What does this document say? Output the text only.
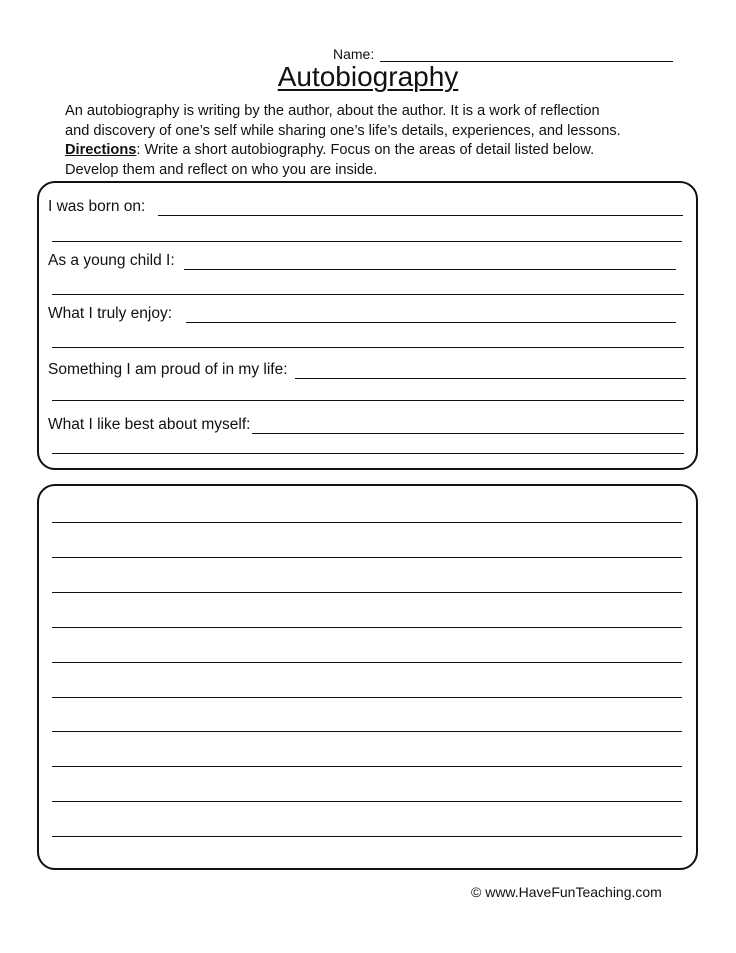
Name:
Autobiography

An autobiography is writing by the author, about the author. It is a work of reflection

and discovery of one’s self while sharing one’s life’s details, experiences, and lessons.

Directions: Write a short autobiography. Focus on the areas of detail listed below.

Develop them and reflect on who you are inside.

I was born on:
As a young child I:
What I truly enjoy:
Something I am proud of in my life:
What I like best about myself:
© www.HaveFunTeaching.com
